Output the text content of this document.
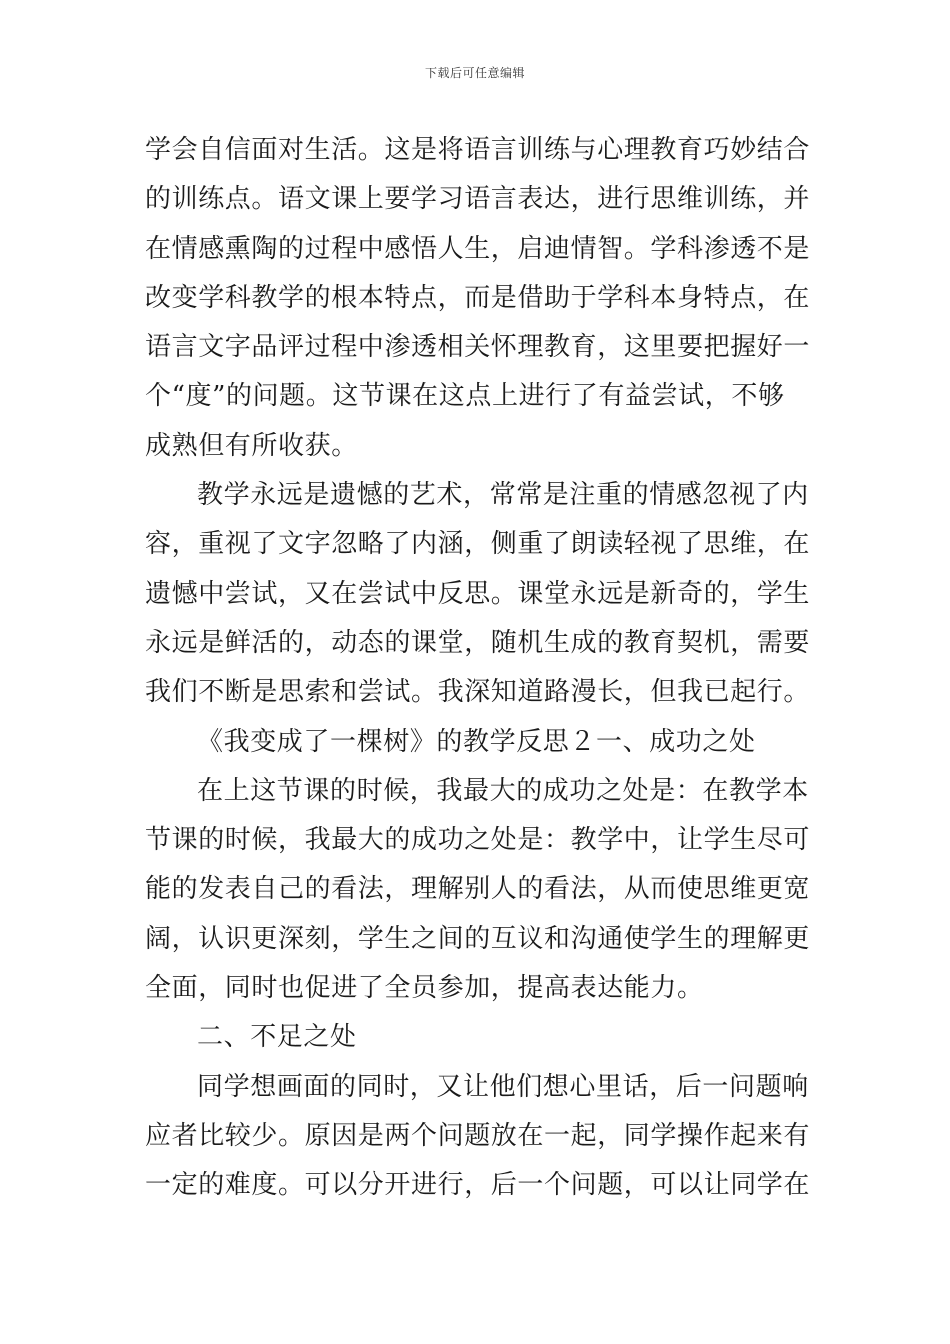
下载后可任意编辑
学会自信面对生活。这是将语言训练与心理教育巧妙结合
的训练点。语文课上要学习语言表达，进行思维训练，并
在情感熏陶的过程中感悟人生，启迪情智。学科渗透不是
改变学科教学的根本特点，而是借助于学科本身特点，在
语言文字品评过程中渗透相关怀理教育，这里要把握好一
个“度”的问题。这节课在这点上进行了有益尝试，不够
成熟但有所收获。
教学永远是遗憾的艺术，常常是注重的情感忽视了内
容，重视了文字忽略了内涵，侧重了朗读轻视了思维，在
遗憾中尝试，又在尝试中反思。课堂永远是新奇的，学生
永远是鲜活的，动态的课堂，随机生成的教育契机，需要
我们不断是思索和尝试。我深知道路漫长，但我已起行。
《我变成了一棵树》的教学反思２一、成功之处
在上这节课的时候，我最大的成功之处是：在教学本
节课的时候，我最大的成功之处是：教学中，让学生尽可
能的发表自己的看法，理解别人的看法，从而使思维更宽
阔，认识更深刻，学生之间的互议和沟通使学生的理解更
全面，同时也促进了全员参加，提高表达能力。
二、不足之处
同学想画面的同时，又让他们想心里话，后一问题响
应者比较少。原因是两个问题放在一起，同学操作起来有
一定的难度。可以分开进行，后一个问题，可以让同学在
